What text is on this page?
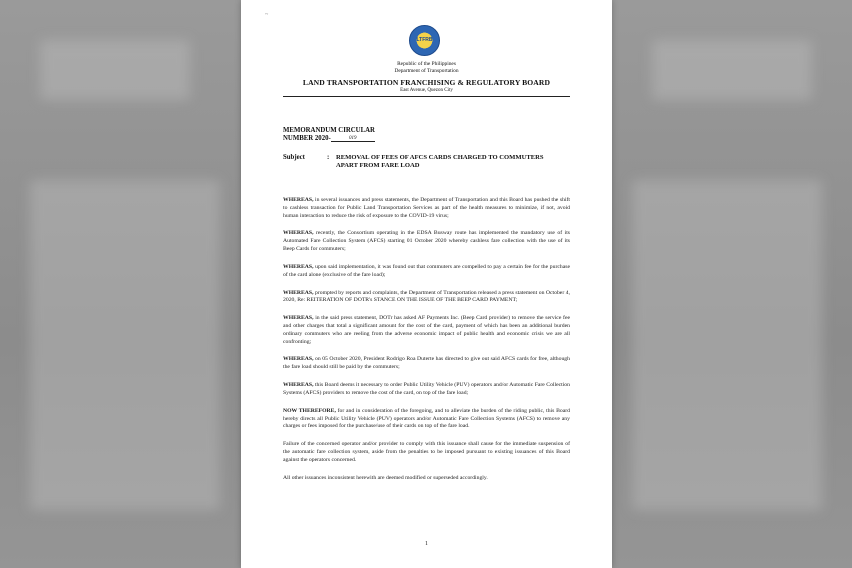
~
LTFRB
Republic of the Philippines
Department of Transportation
LAND TRANSPORTATION FRANCHISING & REGULATORY BOARD
East Avenue, Quezon City
MEMORANDUM CIRCULAR
NUMBER 2020-	019
Subject	: REMOVAL OF FEES OF AFCS CARDS CHARGED TO COMMUTERS APART FROM FARE LOAD

WHEREAS, in several issuances and press statements, the Department of Transportation and this Board has pushed the shift to cashless transaction for Public Land Transportation Services as part of the health measures to minimize, if not, avoid human interaction to reduce the risk of exposure to the COVID-19 virus;

WHEREAS, recently, the Consortium operating in the EDSA Busway route has implemented the mandatory use of its Automated Fare Collection System (AFCS) starting 01 October 2020 whereby cashless fare collection with the use of its Beep Cards for commuters;

WHEREAS, upon said implementation, it was found out that commuters are compelled to pay a certain fee for the purchase of the card alone (exclusive of the fare load);

WHEREAS, prompted by reports and complaints, the Department of Transportation released a press statement on October 4, 2020, Re: REITERATION OF DOTR's STANCE ON THE ISSUE OF THE BEEP CARD PAYMENT;

WHEREAS, in the said press statement, DOTr has asked AF Payments Inc. (Beep Card provider) to remove the service fee and other charges that total a significant amount for the cost of the card, payment of which has been an additional burden ordinary commuters who are reeling from the adverse economic impact of public health and economic crisis we are all confronting;

WHEREAS, on 05 October 2020, President Rodrigo Roa Duterte has directed to give out said AFCS cards for free, although the fare load should still be paid by the commuters;

WHEREAS, this Board deems it necessary to order Public Utility Vehicle (PUV) operators and/or Automatic Fare Collection Systems (AFCS) providers to remove the cost of the card, on top of the fare load;

NOW THEREFORE, for and in consideration of the foregoing, and to alleviate the burden of the riding public, this Board hereby directs all Public Utility Vehicle (PUV) operators and/or Automatic Fare Collection Systems (AFCS) to remove any charges or fees imposed for the purchase/use of their cards on top of the fare load.

Failure of the concerned operator and/or provider to comply with this issuance shall cause for the immediate suspension of the automatic fare collection system, aside from the penalties to be imposed pursuant to existing issuances of this Board against the operators concerned.

All other issuances inconsistent herewith are deemed modified or superseded accordingly.

1
